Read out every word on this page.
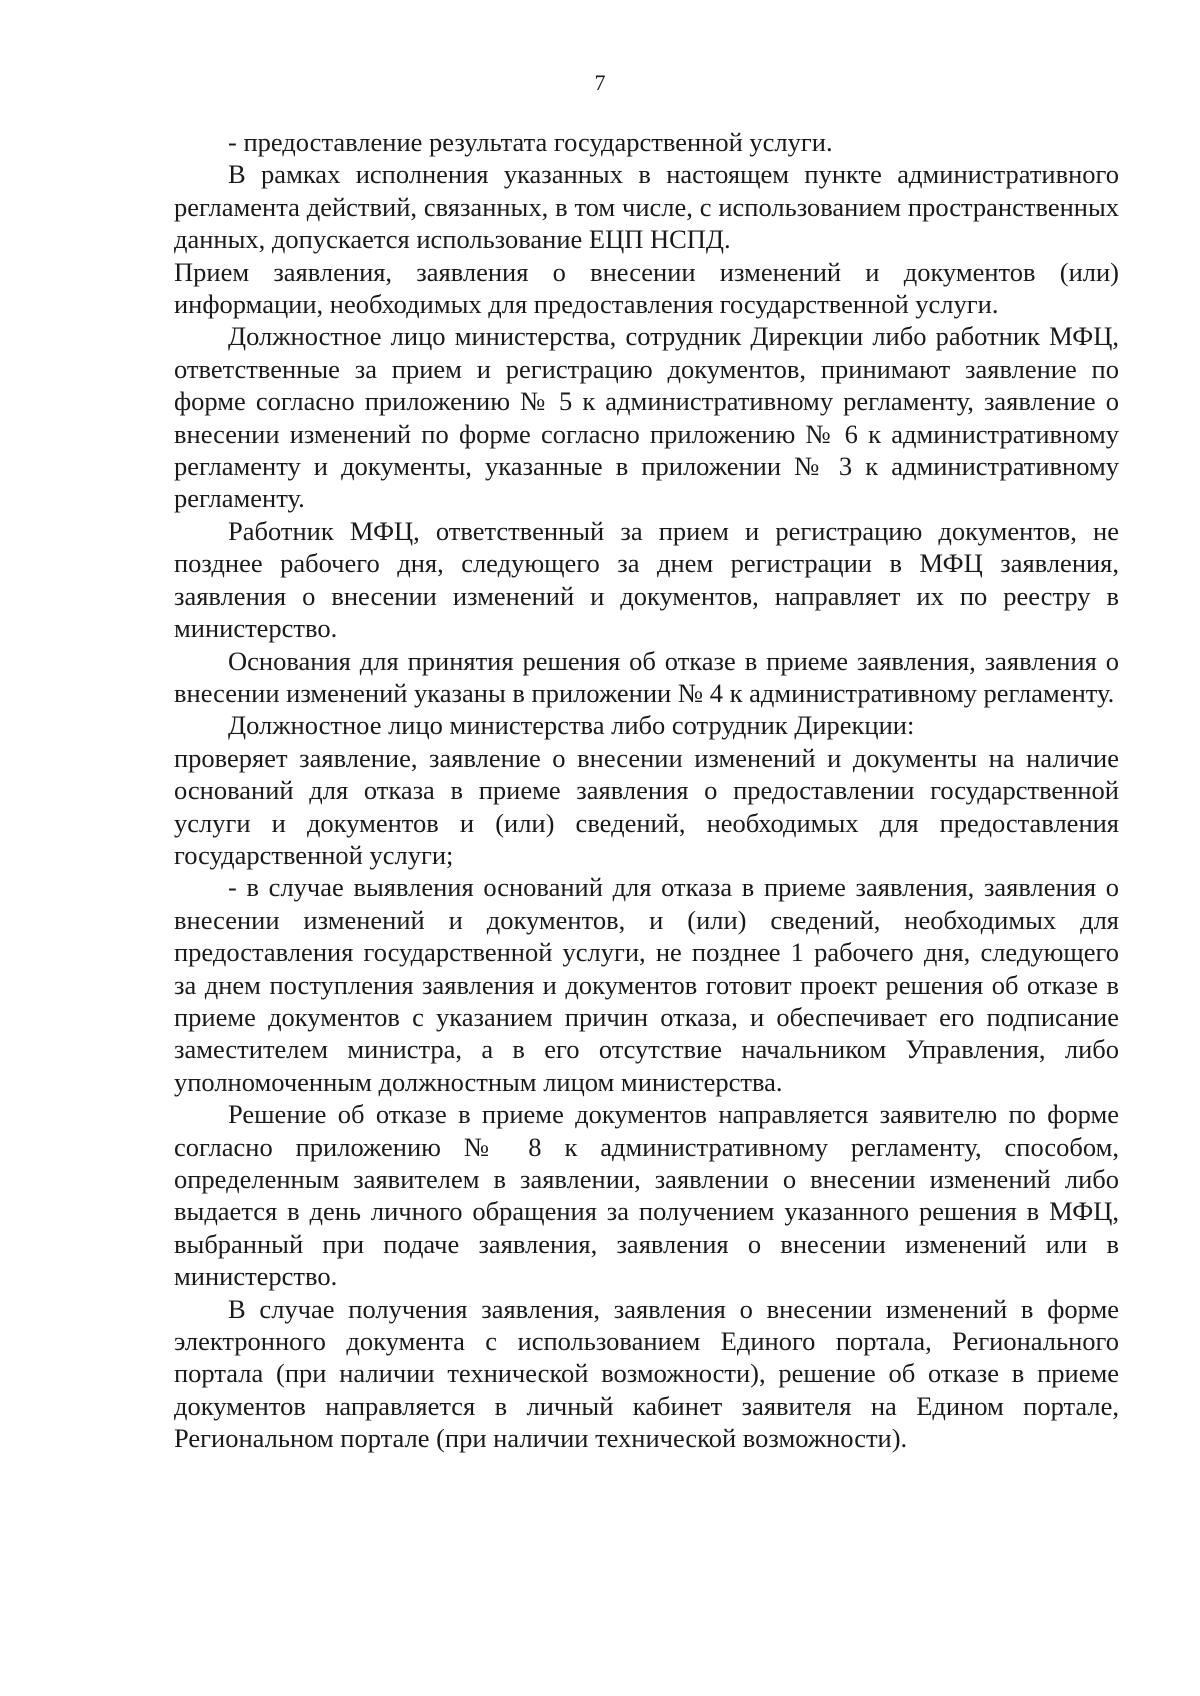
7

- предоставление результата государственной услуги.

В рамках исполнения указанных в настоящем пункте административного регламента действий, связанных, в том числе, с использованием пространственных данных, допускается использование ЕЦП НСПД.

Прием заявления, заявления о внесении изменений и документов (или) информации, необходимых для предоставления государственной услуги.

Должностное лицо министерства, сотрудник Дирекции либо работник МФЦ, ответственные за прием и регистрацию документов, принимают заявление по форме согласно приложению № 5 к административному регламенту, заявление о внесении изменений по форме согласно приложению № 6 к административному регламенту и документы, указанные в приложении № 3 к административному регламенту.

Работник МФЦ, ответственный за прием и регистрацию документов, не позднее рабочего дня, следующего за днем регистрации в МФЦ заявления, заявления о внесении изменений и документов, направляет их по реестру в министерство.

Основания для принятия решения об отказе в приеме заявления, заявления о внесении изменений указаны в приложении № 4 к административному регламенту.

Должностное лицо министерства либо сотрудник Дирекции:

проверяет заявление, заявление о внесении изменений и документы на наличие оснований для отказа в приеме заявления о предоставлении государственной услуги и документов и (или) сведений, необходимых для предоставления государственной услуги;

- в случае выявления оснований для отказа в приеме заявления, заявления о внесении изменений и документов, и (или) сведений, необходимых для предоставления государственной услуги, не позднее 1 рабочего дня, следующего за днем поступления заявления и документов готовит проект решения об отказе в приеме документов с указанием причин отказа, и обеспечивает его подписание заместителем министра, а в его отсутствие начальником Управления, либо уполномоченным должностным лицом министерства.

Решение об отказе в приеме документов направляется заявителю по форме согласно приложению № 8 к административному регламенту, способом, определенным заявителем в заявлении, заявлении о внесении изменений либо выдается в день личного обращения за получением указанного решения в МФЦ, выбранный при подаче заявления, заявления о внесении изменений или в министерство.

В случае получения заявления, заявления о внесении изменений в форме электронного документа с использованием Единого портала, Регионального портала (при наличии технической возможности), решение об отказе в приеме документов направляется в личный кабинет заявителя на Едином портале, Региональном портале (при наличии технической возможности).
